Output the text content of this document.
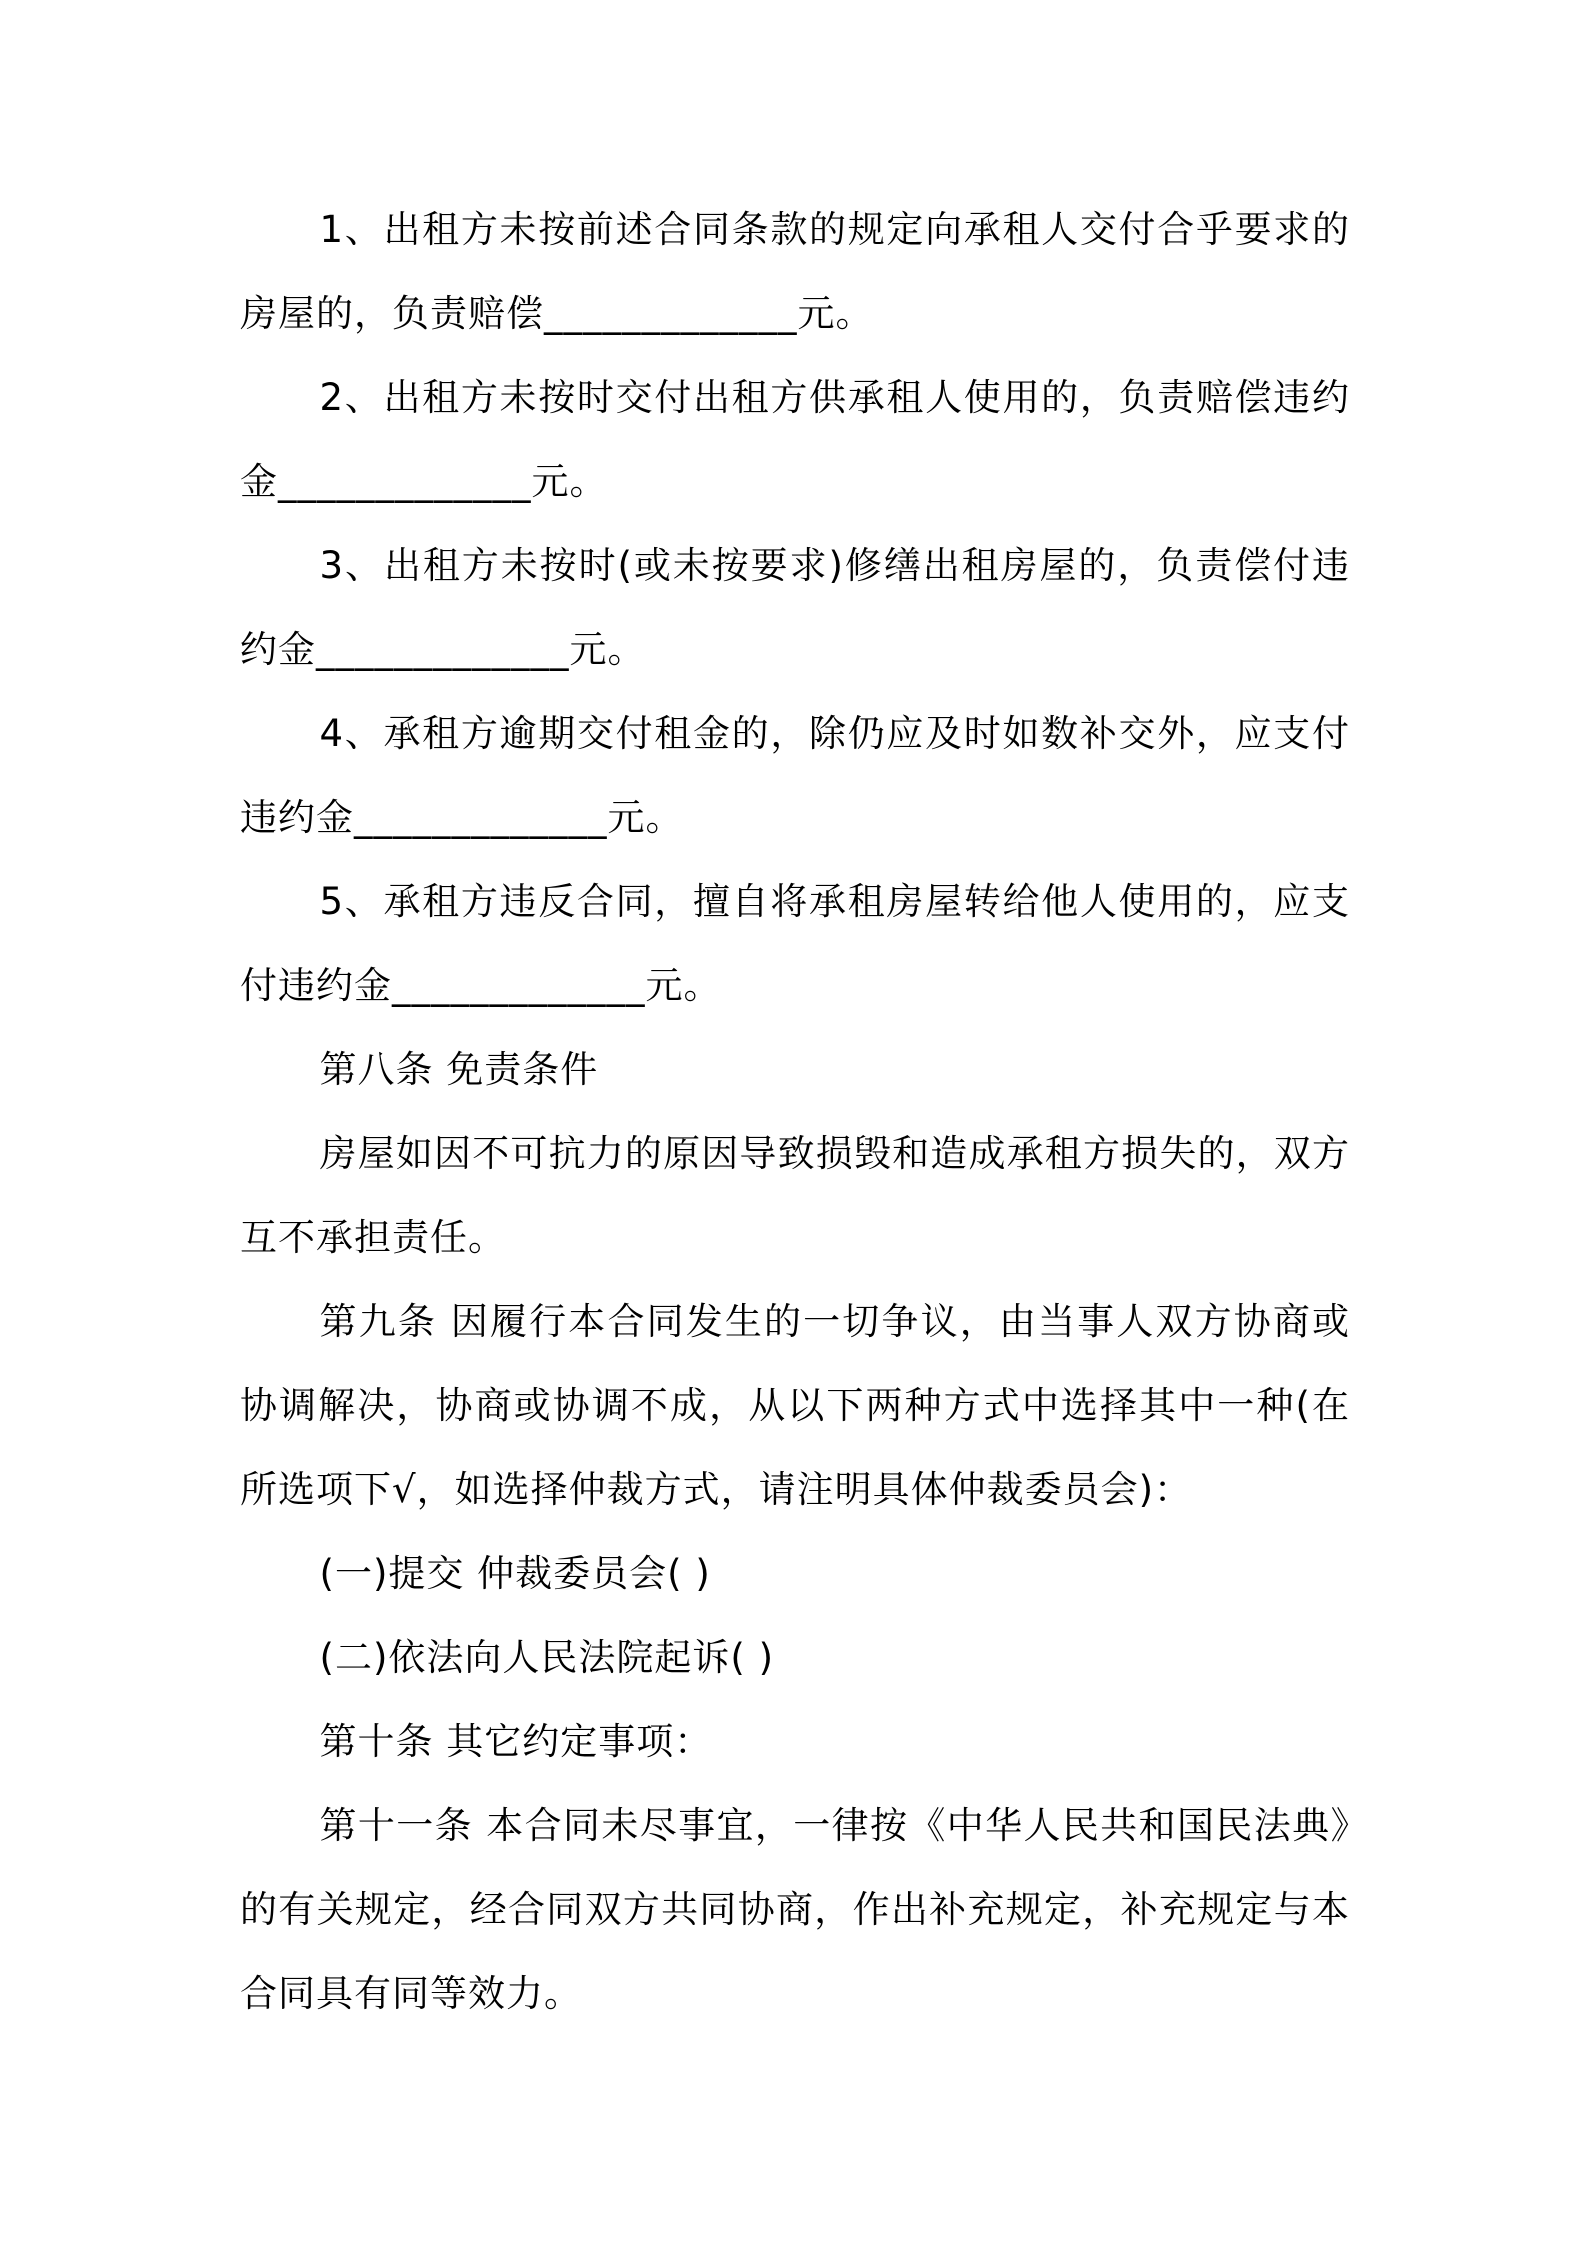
1、出租方未按前述合同条款的规定向承租人交付合乎要求的房屋的，负责赔偿_____________元。

2、出租方未按时交付出租方供承租人使用的，负责赔偿违约金_____________元。

3、出租方未按时(或未按要求)修缮出租房屋的，负责偿付违约金_____________元。

4、承租方逾期交付租金的，除仍应及时如数补交外，应支付违约金_____________元。

5、承租方违反合同，擅自将承租房屋转给他人使用的，应支付违约金_____________元。

第八条 免责条件

房屋如因不可抗力的原因导致损毁和造成承租方损失的，双方互不承担责任。

第九条 因履行本合同发生的一切争议，由当事人双方协商或协调解决，协商或协调不成，从以下两种方式中选择其中一种(在所选项下√，如选择仲裁方式，请注明具体仲裁委员会)：

(一)提交 仲裁委员会( )

(二)依法向人民法院起诉( )

第十条 其它约定事项：

第十一条 本合同未尽事宜，一律按《中华人民共和国民法典》的有关规定，经合同双方共同协商，作出补充规定，补充规定与本合同具有同等效力。
